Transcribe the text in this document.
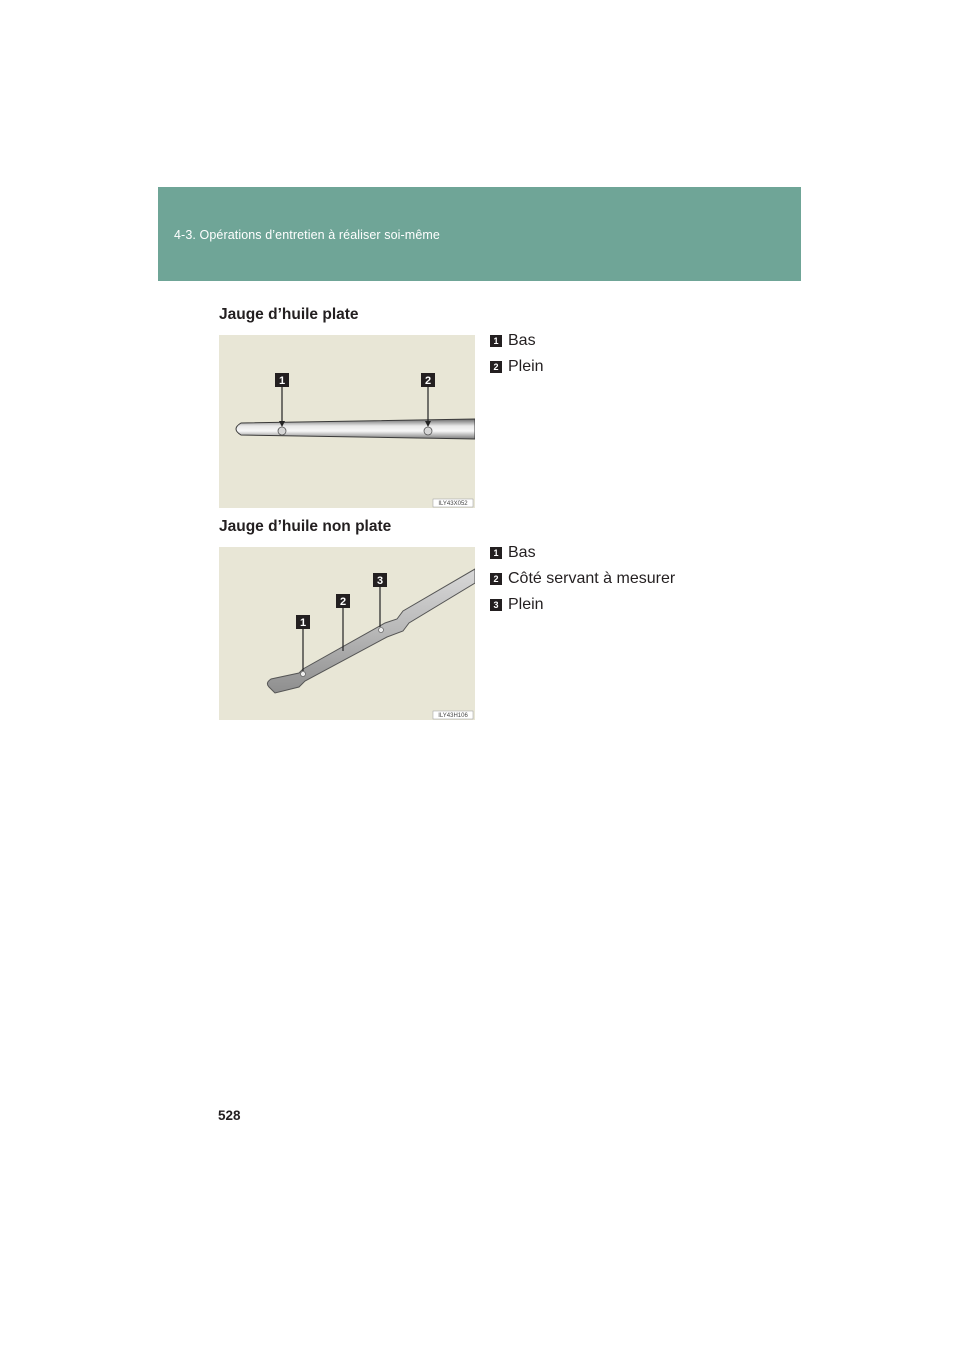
4-3. Opérations d’entretien à réaliser soi-même
Jauge d’huile plate
1	2
ILY43X052
1 Bas
2 Plein
Jauge d’huile non plate
1
2
3
ILY43H106
1 Bas
2 Côté servant à mesurer
3 Plein
528
